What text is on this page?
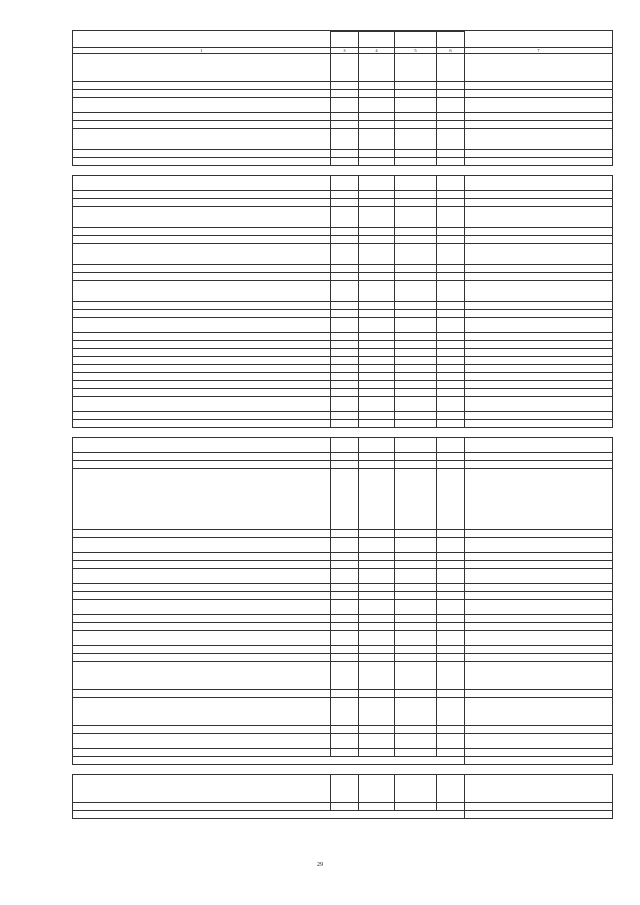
1	3	4	5	6	7

29
